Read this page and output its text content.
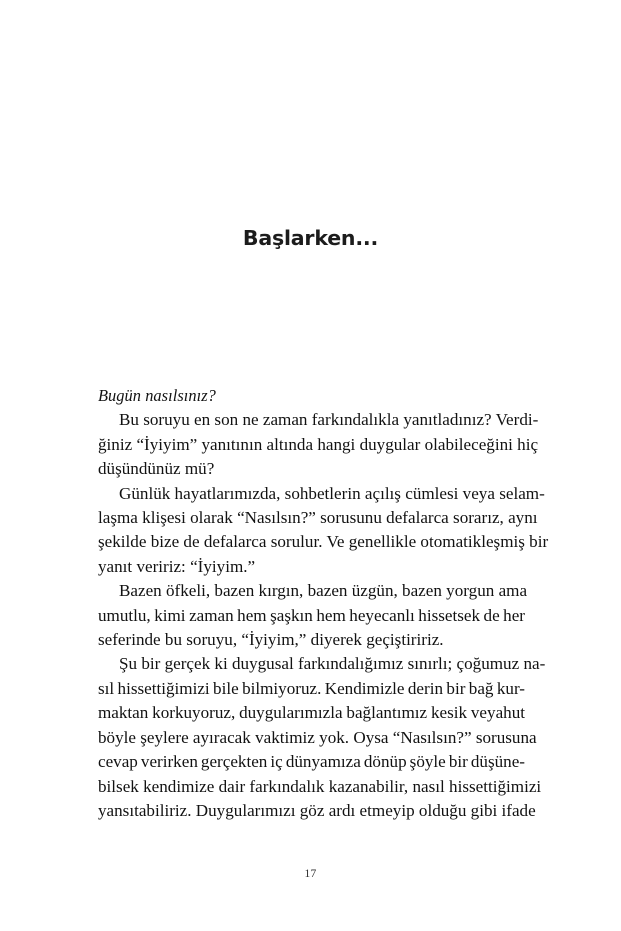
Başlarken...

Bugün nasılsınız?

Bu soruyu en son ne zaman farkındalıkla yanıtladınız? Verdi-
ğiniz “İyiyim” yanıtının altında hangi duygular olabileceğini hiç
düşündünüz mü?

Günlük hayatlarımızda, sohbetlerin açılış cümlesi veya selam-
laşma klişesi olarak “Nasılsın?” sorusunu defalarca sorarız, aynı
şekilde bize de defalarca sorulur. Ve genellikle otomatikleşmiş bir
yanıt veririz: “İyiyim.”

Bazen öfkeli, bazen kırgın, bazen üzgün, bazen yorgun ama
umutlu, kimi zaman hem şaşkın hem heyecanlı hissetsek de her
seferinde bu soruyu, “İyiyim,” diyerek geçiştiririz.

Şu bir gerçek ki duygusal farkındalığımız sınırlı; çoğumuz na-
sıl hissettiğimizi bile bilmiyoruz. Kendimizle derin bir bağ kur-
maktan korkuyoruz, duygularımızla bağlantımız kesik veyahut
böyle şeylere ayıracak vaktimiz yok. Oysa “Nasılsın?” sorusuna
cevap verirken gerçekten iç dünyamıza dönüp şöyle bir düşüne-
bilsek kendimize dair farkındalık kazanabilir, nasıl hissettiğimizi
yansıtabiliriz. Duygularımızı göz ardı etmeyip olduğu gibi ifade

17
